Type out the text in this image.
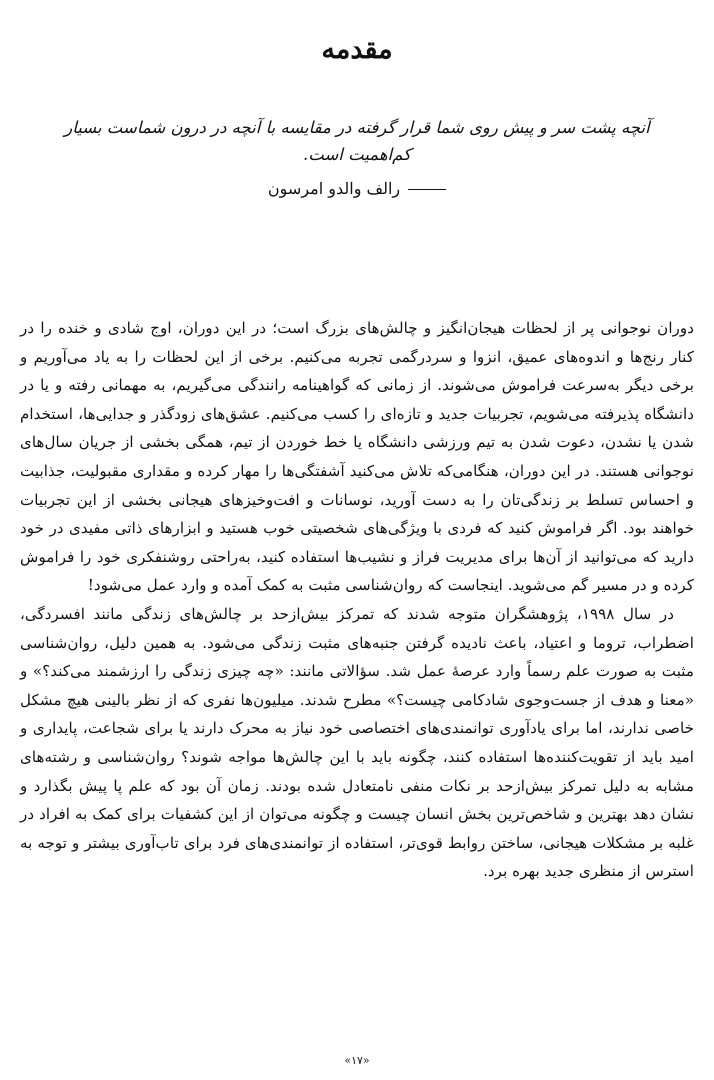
مقدمه

آنچه پشت سر و پیش روی شما قرار گرفته در مقایسه با آنچه در درون شماست بسیار کم‌اهمیت است.

رالف والدو امرسون

دوران نوجوانی پر از لحظات هیجان‌انگیز و چالش‌های بزرگ است؛ در این دوران، اوج شادی و خنده را در کنار رنج‌ها و اندوه‌های عمیق، انزوا و سردرگمی تجربه می‌کنیم. برخی از این لحظات را به یاد می‌آوریم و برخی دیگر به‌سرعت فراموش می‌شوند. از زمانی که گواهینامه رانندگی می‌گیریم، به مهمانی رفته و یا در دانشگاه پذیرفته می‌شویم، تجربیات جدید و تازه‌ای را کسب می‌کنیم. عشق‌های زودگذر و جدایی‌ها، استخدام شدن یا نشدن، دعوت شدن به تیم ورزشی دانشگاه یا خط خوردن از تیم، همگی بخشی از جریان سال‌های نوجوانی هستند. در این دوران، هنگامی‌که تلاش می‌کنید آشفتگی‌ها را مهار کرده و مقداری مقبولیت، جذابیت و احساس تسلط بر زندگی‌تان را به دست آورید، نوسانات و افت‌وخیزهای هیجانی بخشی از این تجربیات خواهند بود. اگر فراموش کنید که فردی با ویژگی‌های شخصیتی خوب هستید و ابزارهای ذاتی مفیدی در خود دارید که می‌توانید از آن‌ها برای مدیریت فراز و نشیب‌ها استفاده کنید، به‌راحتی روشنفکری خود را فراموش کرده و در مسیر گم می‌شوید. اینجاست که روان‌شناسی مثبت به کمک آمده و وارد عمل می‌شود!

در سال ۱۹۹۸، پژوهشگران متوجه شدند که تمرکز بیش‌ازحد بر چالش‌های زندگی مانند افسردگی، اضطراب، تروما و اعتیاد، باعث نادیده گرفتن جنبه‌های مثبت زندگی می‌شود. به همین دلیل، روان‌شناسی مثبت به صورت علم رسماً وارد عرصهٔ عمل شد. سؤالاتی مانند: «چه چیزی زندگی را ارزشمند می‌کند؟» و «معنا و هدف از جست‌وجوی شادکامی چیست؟» مطرح شدند. میلیون‌ها نفری که از نظر بالینی هیچ مشکل خاصی ندارند، اما برای یادآوری توانمندی‌های اختصاصی خود نیاز به محرک دارند یا برای شجاعت، پایداری و امید باید از تقویت‌کننده‌ها استفاده کنند، چگونه باید با این چالش‌ها مواجه شوند؟ روان‌شناسی و رشته‌های مشابه به دلیل تمرکز بیش‌ازحد بر نکات منفی نامتعادل شده بودند. زمان آن بود که علم پا پیش بگذارد و نشان دهد بهترین و شاخص‌ترین بخش انسان چیست و چگونه می‌توان از این کشفیات برای کمک به افراد در غلبه بر مشکلات هیجانی، ساختن روابط قوی‌تر، استفاده از توانمندی‌های فرد برای تاب‌آوری بیشتر و توجه به استرس از منظری جدید بهره برد.

«۱۷»
